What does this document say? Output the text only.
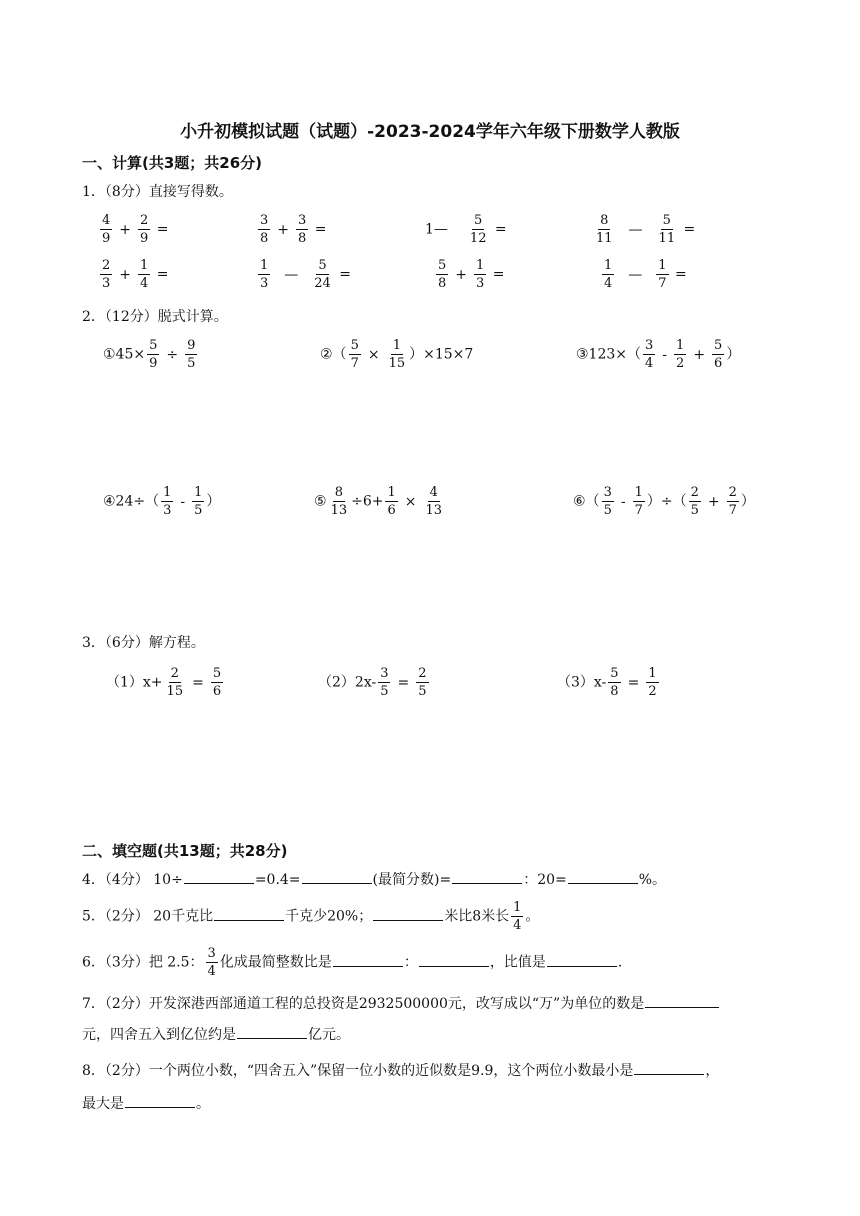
小升初模拟试题（试题）-2023-2024学年六年级下册数学人教版
一、计算(共3题；共26分)
1．（8分）直接写得数。
$\frac{4}{9} + \frac{2}{9}$ =	$\frac{3}{8} + \frac{3}{8}$ =	1— $\frac{5}{12}$ =	$\frac{8}{11}$ — $\frac{5}{11}$ =
$\frac{2}{3} + \frac{1}{4}$ =	$\frac{1}{3}$ — $\frac{5}{24}$ =	$\frac{5}{8} + \frac{1}{3}$ =	$\frac{1}{4}$ — $\frac{1}{7}$ =
2．（12分）脱式计算。
①45× $\frac{5}{9} \div \frac{9}{5}$	②（ $\frac{5}{7} \times \frac{1}{15} )\times 15\times 7$	③123×（ $\frac{3}{4} - \frac{1}{2} + \frac{5}{6}$ ）
④24÷（ $\frac{1}{3} - \frac{1}{5}$ ）	⑤ $\frac{8}{13} \div 6+ \frac{1}{6} \times \frac{4}{13}$	⑥（ $\frac{3}{5} - \frac{1}{7}$ ）÷（ $\frac{2}{5} + \frac{2}{7}$ ）
3．（6分）解方程。
$(1)x+ \frac{2}{15} = \frac{5}{6}$	$(2)2x- \frac{3}{5} = \frac{2}{5}$	$(3)x- \frac{5}{8} = \frac{1}{2}$
二、填空题(共13题；共28分)
4．（4分） 10÷	=0.4=	(最简分数)=	：20=	%。
5．（2分） 20千克比	千克少20%；	米比8米长 $\frac{1}{4}$ 。
6．（3分）把 2.5： $\frac{3}{4}$ 化成最简整数比是	：	，比值是	.
7．（2分）开发深港西部通道工程的总投资是2932500000元，改写成以“万”为单位的数是
元，四舍五入到亿位约是	亿元。
8．（2分）一个两位小数，“四舍五入”保留一位小数的近似数是9.9，这个两位小数最小是	，
最大是	。
